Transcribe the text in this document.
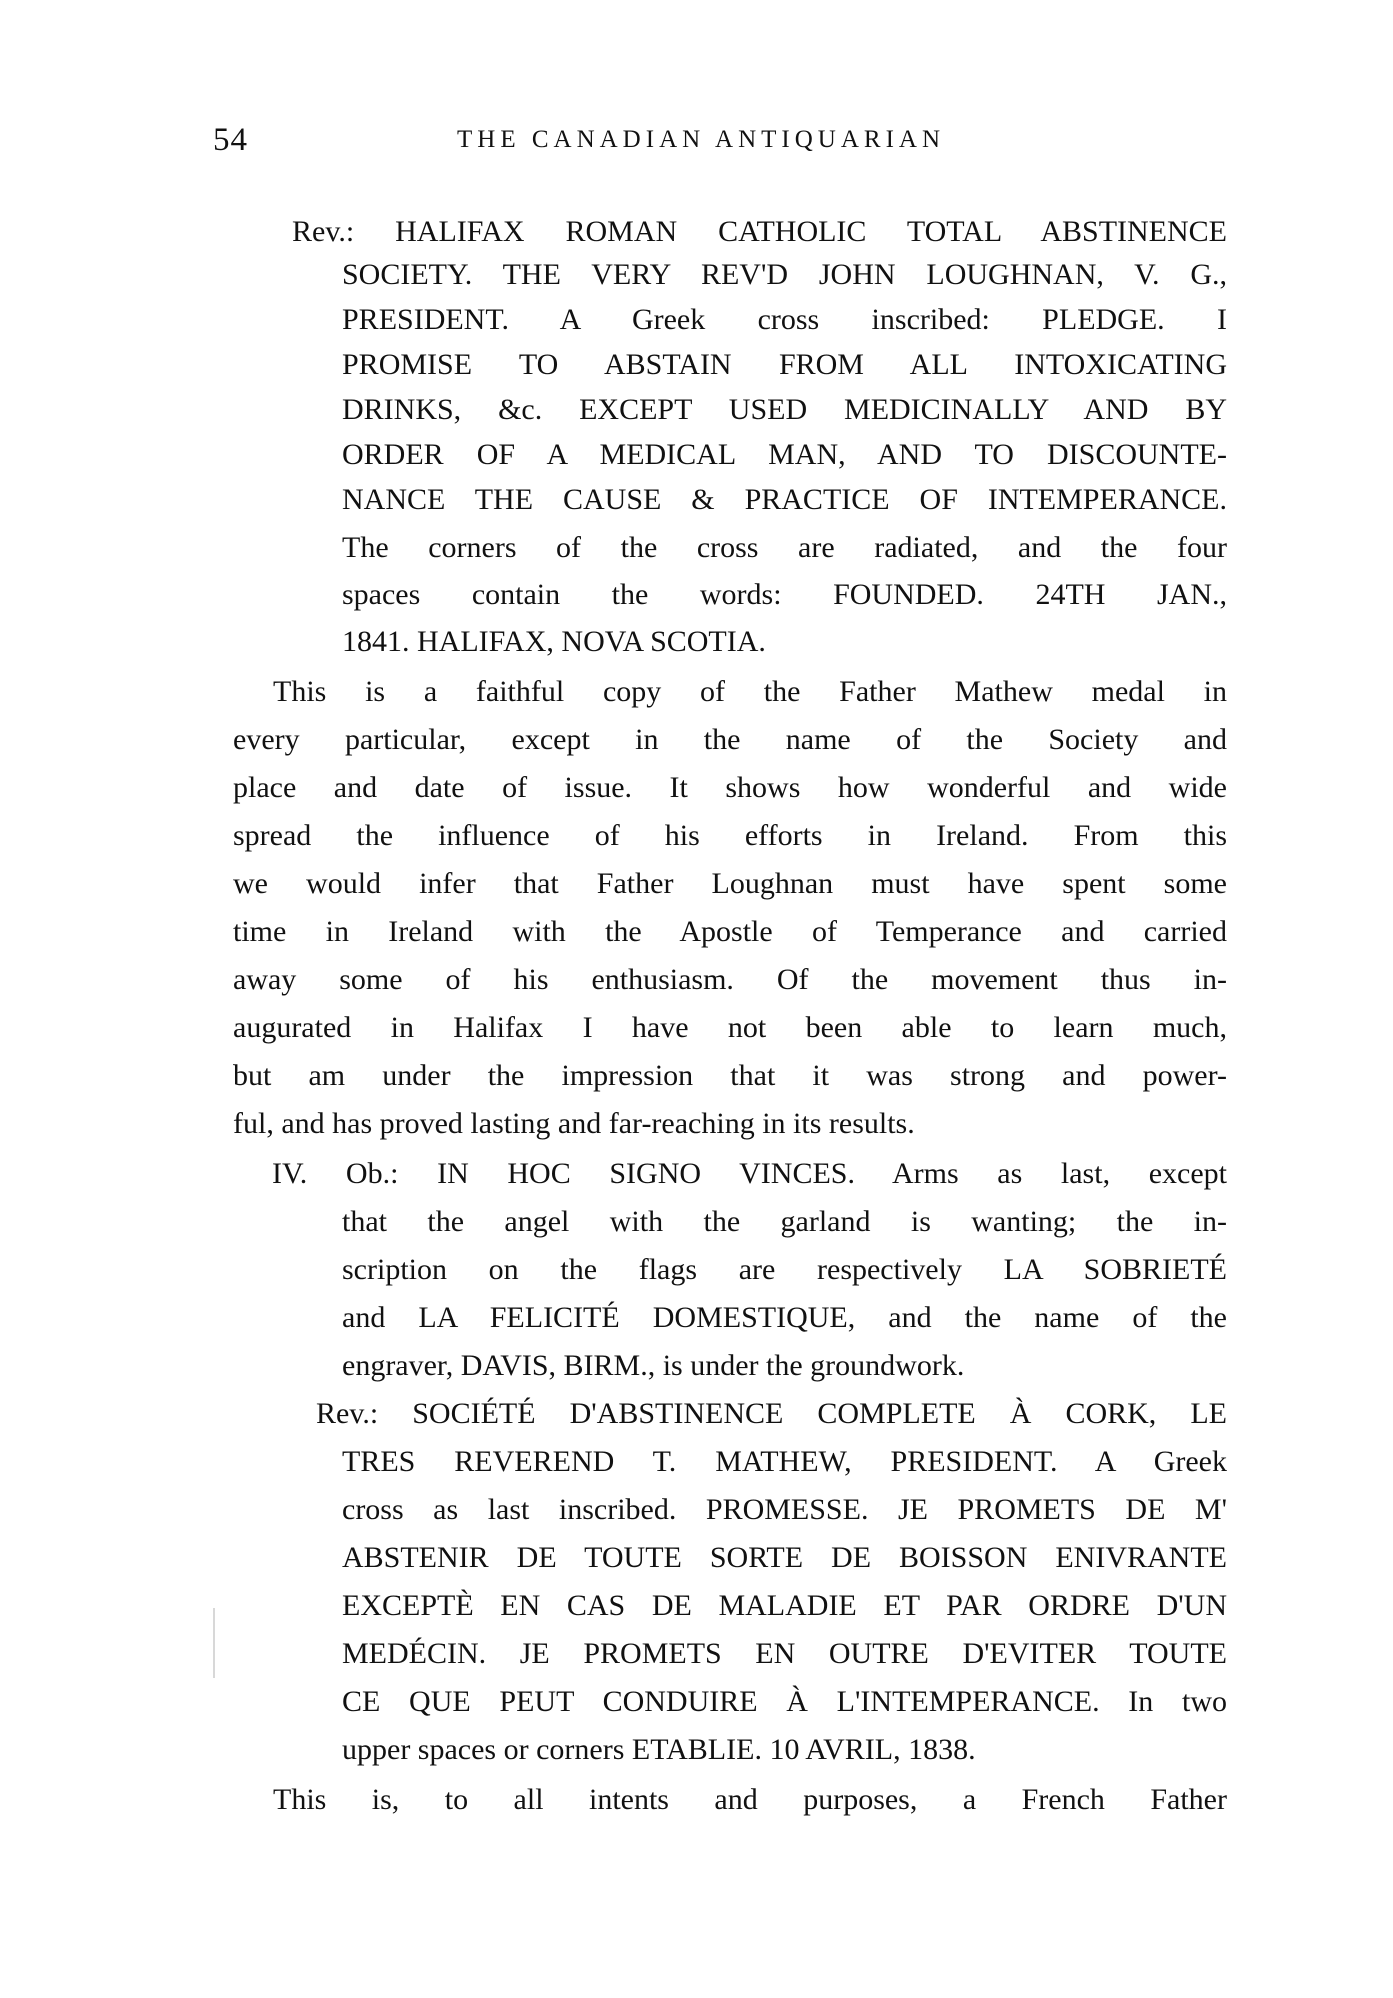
54	THE CANADIAN ANTIQUARIAN
Rev.: HALIFAX ROMAN CATHOLIC TOTAL ABSTINENCE
SOCIETY. THE VERY REV'D JOHN LOUGHNAN, V. G.,
PRESIDENT. A Greek cross inscribed: PLEDGE. I
PROMISE TO ABSTAIN FROM ALL INTOXICATING
DRINKS, &c. EXCEPT USED MEDICINALLY AND BY
ORDER OF A MEDICAL MAN, AND TO DISCOUNTE-
NANCE THE CAUSE & PRACTICE OF INTEMPERANCE.
The corners of the cross are radiated, and the four
spaces contain the words: FOUNDED. 24TH JAN.,
1841. HALIFAX, NOVA SCOTIA.
This is a faithful copy of the Father Mathew medal in
every particular, except in the name of the Society and
place and date of issue. It shows how wonderful and wide
spread the influence of his efforts in Ireland. From this
we would infer that Father Loughnan must have spent some
time in Ireland with the Apostle of Temperance and carried
away some of his enthusiasm. Of the movement thus in-
augurated in Halifax I have not been able to learn much,
but am under the impression that it was strong and power-
ful, and has proved lasting and far-reaching in its results.
IV. Ob.: IN HOC SIGNO VINCES. Arms as last, except
that the angel with the garland is wanting; the in-
scription on the flags are respectively LA SOBRIETÉ
and LA FELICITÉ DOMESTIQUE, and the name of the
engraver, DAVIS, BIRM., is under the groundwork.
Rev.: SOCIÉTÉ D'ABSTINENCE COMPLETE À CORK, LE
TRES REVEREND T. MATHEW, PRESIDENT. A Greek
cross as last inscribed. PROMESSE. JE PROMETS DE M'
ABSTENIR DE TOUTE SORTE DE BOISSON ENIVRANTE
EXCEPTÈ EN CAS DE MALADIE ET PAR ORDRE D'UN
MEDÉCIN. JE PROMETS EN OUTRE D'EVITER TOUTE
CE QUE PEUT CONDUIRE À L'INTEMPERANCE. In two
upper spaces or corners ETABLIE. 10 AVRIL, 1838.
This is, to all intents and purposes, a French Father
